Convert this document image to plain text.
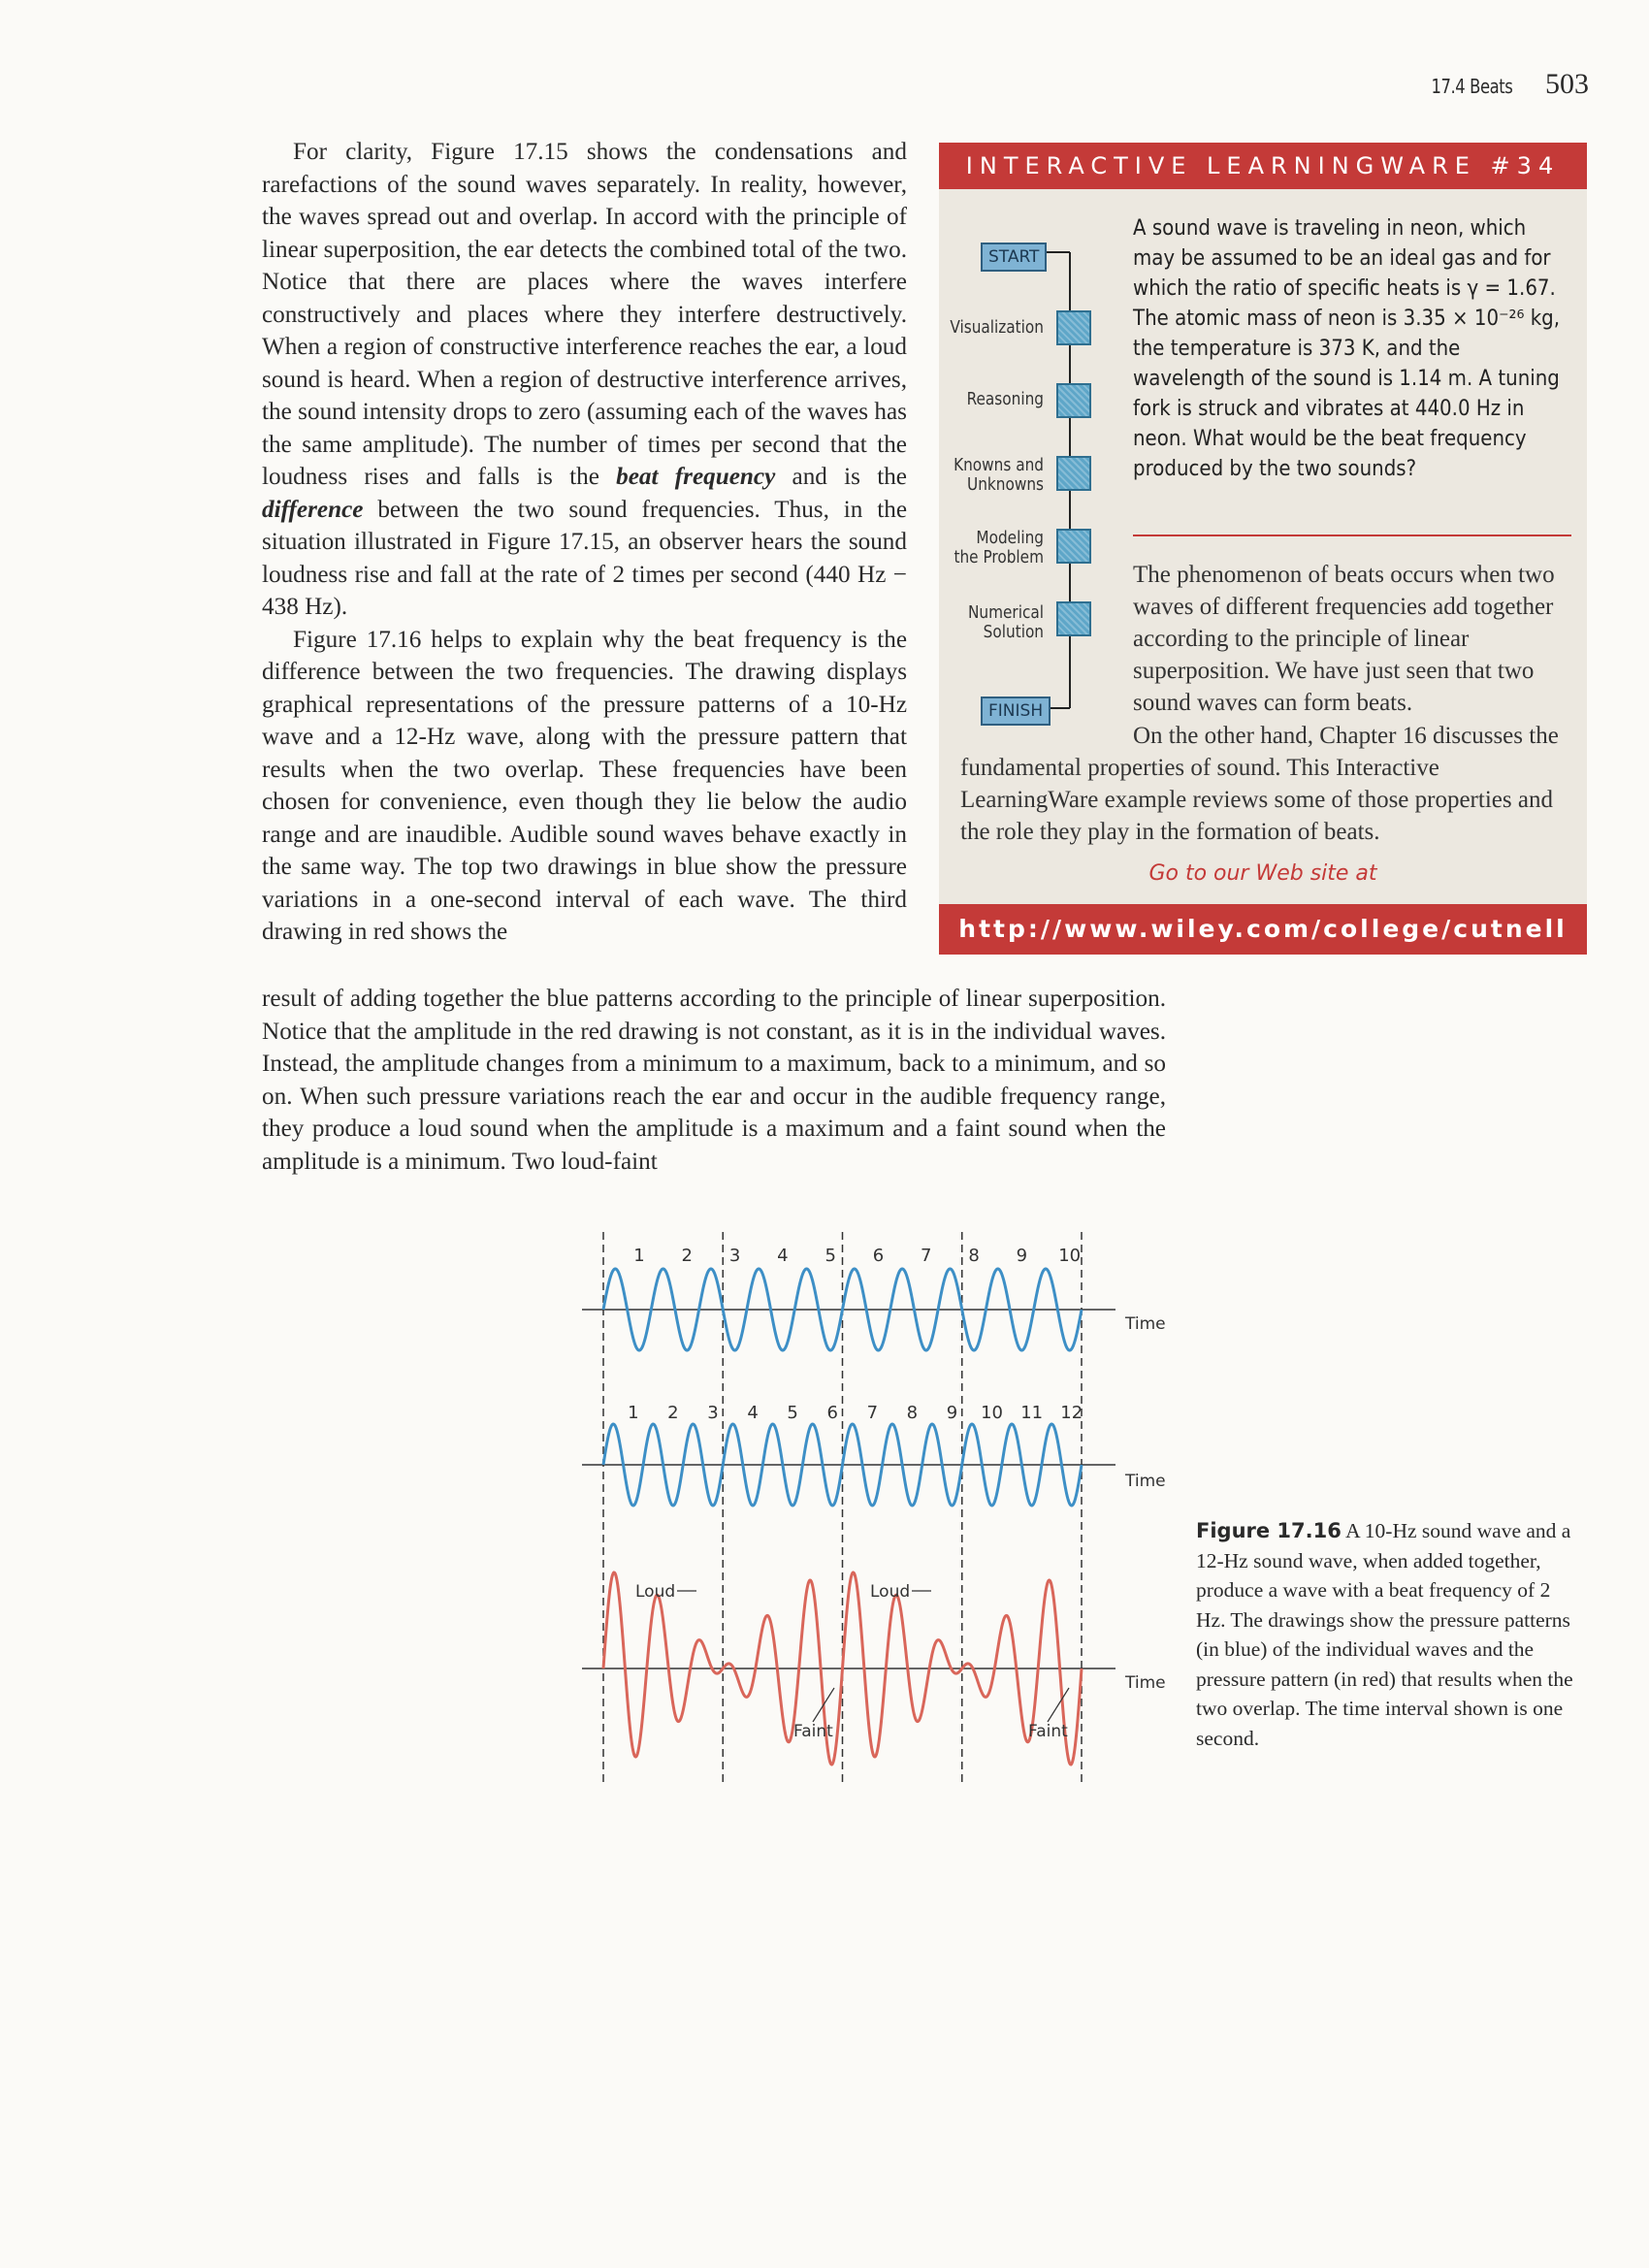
17.4 Beats 503

For clarity, Figure 17.15 shows the condensations and rarefactions of the sound waves separately. In reality, however, the waves spread out and overlap. In accord with the principle of linear superposition, the ear detects the combined total of the two. Notice that there are places where the waves interfere constructively and places where they interfere destructively. When a region of constructive interference reaches the ear, a loud sound is heard. When a region of destructive interference arrives, the sound intensity drops to zero (assuming each of the waves has the same amplitude). The number of times per second that the loudness rises and falls is the beat frequency and is the difference between the two sound frequencies. Thus, in the situation illustrated in Figure 17.15, an observer hears the sound loudness rise and fall at the rate of 2 times per second (440 Hz − 438 Hz).

Figure 17.16 helps to explain why the beat frequency is the difference between the two frequencies. The drawing displays graphical representations of the pressure patterns of a 10-Hz wave and a 12-Hz wave, along with the pressure pattern that results when the two overlap. These frequencies have been chosen for convenience, even though they lie below the audio range and are inaudible. Audible sound waves behave exactly in the same way. The top two drawings in blue show the pressure variations in a one-second interval of each wave. The third drawing in red shows the

result of adding together the blue patterns according to the principle of linear superposition. Notice that the amplitude in the red drawing is not constant, as it is in the individual waves. Instead, the amplitude changes from a minimum to a maximum, back to a minimum, and so on. When such pressure variations reach the ear and occur in the audible frequency range, they produce a loud sound when the amplitude is a maximum and a faint sound when the amplitude is a minimum. Two loud-faint

INTERACTIVE LEARNINGWARE #34
START
FINISH
Visualization
Reasoning
Knowns and Unknowns
Modeling the Problem
Numerical Solution
A sound wave is traveling in neon, which may be assumed to be an ideal gas and for which the ratio of specific heats is γ = 1.67. The atomic mass of neon is 3.35 × 10⁻²⁶ kg, the temperature is 373 K, and the wavelength of the sound is 1.14 m. A tuning fork is struck and vibrates at 440.0 Hz in neon. What would be the beat frequency produced by the two sounds?
The phenomenon of beats occurs when two waves of different frequencies add together according to the principle of linear superposition. We have just seen that two sound waves can form beats.
On the other hand, Chapter 16 discusses the fundamental properties of sound. This Interactive LearningWare example reviews some of those properties and the role they play in the formation of beats.
Go to our Web site at
http://www.wiley.com/college/cutnell
1 2 3 4 5 6 7 8 9 10
Time
1 2 3 4 5 6 7 8 9 10 11 12
Time
Time
Loud	Loud
Faint	Faint
Figure 17.16 A 10-Hz sound wave and a 12-Hz sound wave, when added together, produce a wave with a beat frequency of 2 Hz. The drawings show the pressure patterns (in blue) of the individual waves and the pressure pattern (in red) that results when the two overlap. The time interval shown is one second.
